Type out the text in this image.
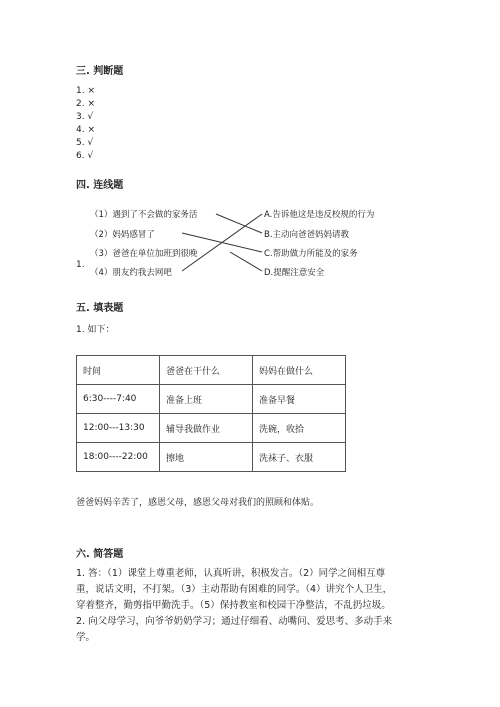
三. 判断题
1. ×
2. ×
3. √
4. ×
5. √
6. √
四. 连线题
1.
（1）遇到了不会做的家务活
（2）妈妈感冒了
（3）爸爸在单位加班到很晚
（4）朋友约我去网吧
A.告诉他这是违反校规的行为
B.主动向爸爸妈妈请教
C.帮助做力所能及的家务
D.提醒注意安全
五. 填表题
1. 如下：
时间	爸爸在干什么	妈妈在做什么
6:30----7:40	准备上班	准备早餐
12:00---13:30	辅导我做作业	洗碗，收拾
18:00----22:00	擦地	洗袜子、衣服
爸爸妈妈辛苦了，感恩父母，感恩父母对我们的照顾和体贴。
六. 简答题
1. 答：（1）课堂上尊重老师，认真听讲，积极发言。（2）同学之间相互尊
重，说话文明，不打架。（3）主动帮助有困难的同学。（4）讲究个人卫生，
穿着整齐，勤剪指甲勤洗手。（5）保持教室和校园干净整洁，不乱扔垃圾。
2. 向父母学习，向爷爷奶奶学习；通过仔细看、动嘴问、爱思考、多动手来
学。
